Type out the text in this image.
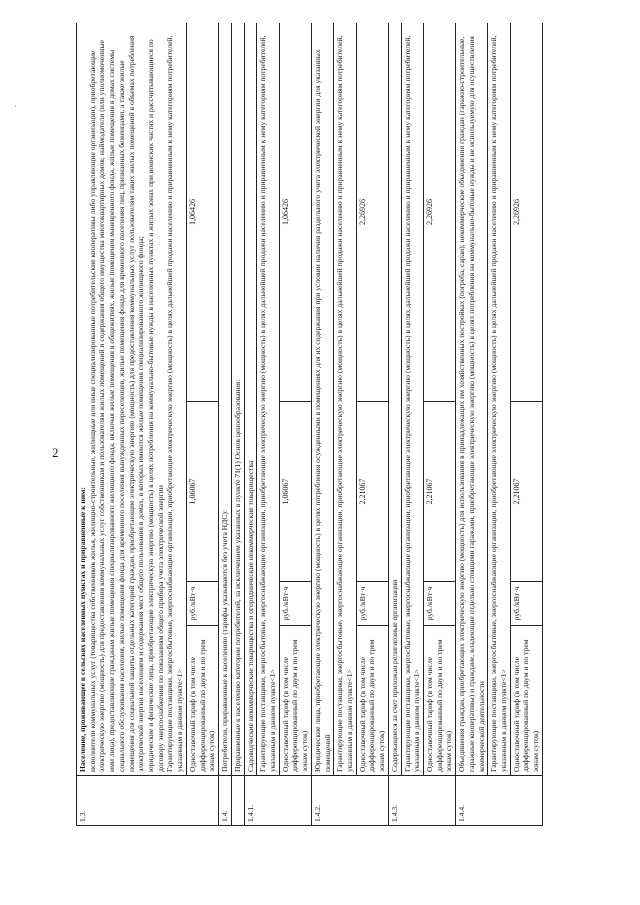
2
.
1.3.	Население, проживающее в сельских населенных пунктах и приравненные к ним: исполнители коммунальных услуг (товарищества собственников жилья, жилищно-строительные, жилищные или иные специализированные потребительские кооперативы либо управляющие организации), приобретающие электрическую энергию (мощность) для предоставления коммунальных услуг собственникам и пользователям жилых помещений и содержания общего имущества многоквартирных домов; наймодатели (или уполномоченные ими лица), предоставляющие гражданам жилые помещения специализированного жилищного фонда, включая жилые помещения в общежитиях, жилые помещения маневренного фонда, жилые помещения в домах системы социального обслуживания населения, жилые помещения фонда для временного поселения вынужденных переселенцев, жилые помещения фонда для временного поселения лиц, признанных беженцами, а также жилые помещения для социальной защиты отдельных категорий граждан, приобретающие электрическую энергию (мощность) для предоставления коммунальных услуг пользователям таких жилых помещений в объемах потребления электрической энергии населением и содержания мест общего пользования в домах, в которых имеются жилые помещения специализированного жилищного фонда; юридические и физические лица, приобретающие электрическую энергию (мощность) в целях потребления на коммунально-бытовые нужды в населенных пунктах и жилых зонах при воинских частях и рассчитывающиеся по договору энергоснабжения по показаниям общего прибора учета электрической энергии Гарантирующие поставщики, энергосбытовые, энергоснабжающие организации, приобретающие электрическую энергию (мощность) в целях дальнейшей продажи населению и приравненным к нему категориям потребителей, указанным в данном пункте<1>			

	Одноставочный тариф (в том числе дифференцированный по двум и по трем зонам суток)	руб./кВт·ч	1,06067	1,06426
1.4.	Потребители, приравненные к населению (тарифы указываются без учета НДС):			
	Приравненные к населению категории потребителей, за исключением указанных в пункте 71(1) Основ ценообразования:			
1.4.1.	Садоводческие некоммерческие товарищества и огороднические некоммерческие товарищества			
	Гарантирующие поставщики, энергосбытовые, энергоснабжающие организации, приобретающие электрическую энергию (мощность) в целях дальнейшей продажи населению и приравненным к нему категориям потребителей, указанным в данном пункте<1>			
	Одноставочный тариф (в том числе дифференцированный по двум и по трем зонам суток)	руб./кВт·ч	1,06067	1,06426
1.4.2.	Юридические лица, приобретающие электрическую энергию (мощность) в целях потребления осужденными в помещениях для их содержания при условии наличия раздельного учета электрической энергии для указанных помещений			
	Гарантирующие поставщики, энергосбытовые, энергоснабжающие организации, приобретающие электрическую энергию (мощность) в целях дальнейшей продажи населению и приравненным к нему категориям потребителей, указанным в данном пункте<1>			
	Одноставочный тариф (в том числе дифференцированный по двум и по трем зонам суток)	руб./кВт·ч	2,21067	2,26926
1.4.3.	Содержащиеся за счет прихожан религиозные организации			
	Гарантирующие поставщики, энергосбытовые, энергоснабжающие организации, приобретающие электрическую энергию (мощность) в целях дальнейшей продажи населению и приравненным к нему категориям потребителей, указанным в данном пункте<1>			
	Одноставочный тариф (в том числе дифференцированный по двум и по трем зонам суток)	руб./кВт·ч	2,21067	2,26926
1.4.4.	Объединения граждан, приобретающих электрическую энергию (мощность) для использования в принадлежащих им хозяйственных постройках (погреба, сараи); некоммерческие объединения граждан (гаражно-строительные, гаражные кооперативы) и граждане, владеющие отдельно стоящими гаражами, приобретающие электрическую энергию (мощность) в целях потребления на коммунально-бытовые нужды и не используемую для осуществления коммерческой деятельности			
	Гарантирующие поставщики, энергосбытовые, энергоснабжающие организации, приобретающие электрическую энергию (мощность) в целях дальнейшей продажи населению и приравненным к нему категориям потребителей, указанным в данном пункте<1>			
	Одноставочный тариф (в том числе дифференцированный по двум и по трем зонам суток)	руб./кВт·ч	2,21067	2,26926
